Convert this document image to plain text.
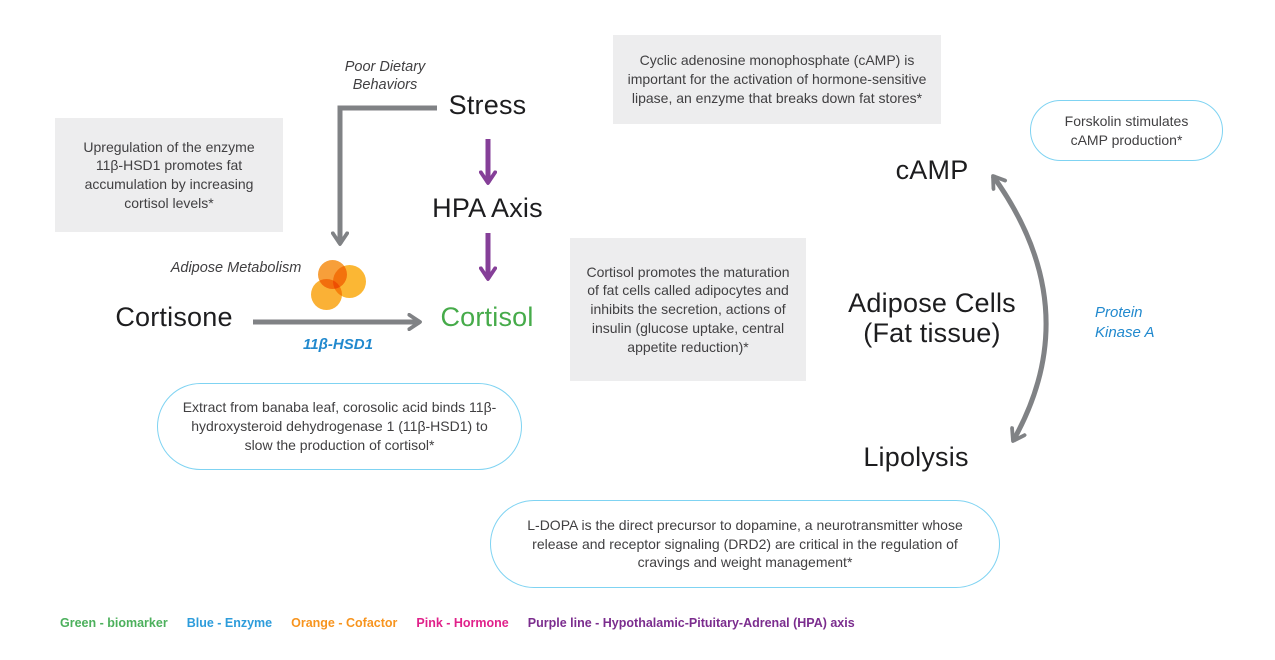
Upregulation of the enzyme 11β-HSD1 promotes fat accumulation by increasing cortisol levels*
Poor Dietary
Behaviors
Stress
HPA Axis
Cortisol
Adipose Metabolism
Cortisone
11β-HSD1
Cyclic adenosine monophosphate (cAMP) is important for the activation of hormone-sensitive lipase, an enzyme that breaks down fat stores*
Cortisol promotes the maturation of fat cells called adipocytes and inhibits the secretion, actions of insulin (glucose uptake, central appetite reduction)*
Forskolin stimulates cAMP production*
cAMP
Adipose Cells
(Fat tissue)
Protein
Kinase A
Lipolysis
Extract from banaba leaf, corosolic acid binds 11β-hydroxysteroid dehydrogenase 1 (11β-HSD1) to slow the production of cortisol*
L-DOPA is the direct precursor to dopamine, a neurotransmitter whose release and receptor signaling (DRD2) are critical in the regulation of cravings and weight management*
Green - biomarker Blue - Enzyme Orange - Cofactor Pink - Hormone Purple line - Hypothalamic-Pituitary-Adrenal (HPA) axis
